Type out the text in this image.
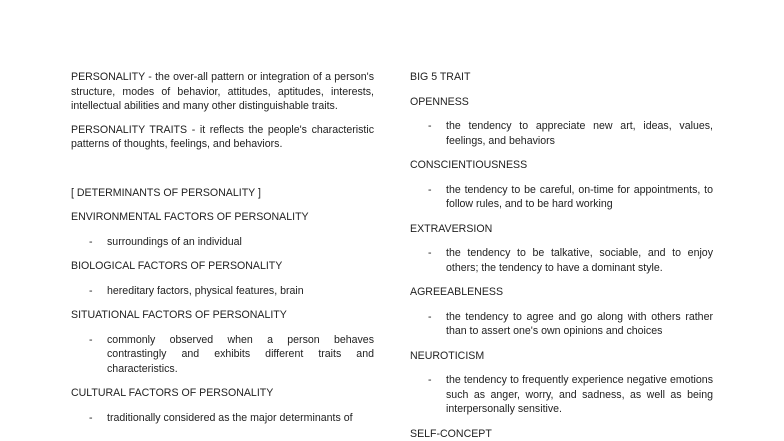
PERSONALITY - the over-all pattern or integration of a person's structure, modes of behavior, attitudes, aptitudes, interests, intellectual abilities and many other distinguishable traits.

PERSONALITY TRAITS - it reflects the people's characteristic patterns of thoughts, feelings, and behaviors.

[ DETERMINANTS OF PERSONALITY ]

ENVIRONMENTAL FACTORS OF PERSONALITY

-	surroundings of an individual

BIOLOGICAL FACTORS OF PERSONALITY

-	hereditary factors, physical features, brain

SITUATIONAL FACTORS OF PERSONALITY

-	commonly observed when a person behaves contrastingly and exhibits different traits and characteristics.

CULTURAL FACTORS OF PERSONALITY

-	traditionally considered as the major determinants of

BIG 5 TRAIT

OPENNESS

-	the tendency to appreciate new art, ideas, values, feelings, and behaviors

CONSCIENTIOUSNESS

-	the tendency to be careful, on-time for appointments, to follow rules, and to be hard working

EXTRAVERSION

-	the tendency to be talkative, sociable, and to enjoy others; the tendency to have a dominant style.

AGREEABLENESS

-	the tendency to agree and go along with others rather than to assert one's own opinions and choices

NEUROTICISM

-	the tendency to frequently experience negative emotions such as anger, worry, and sadness, as well as being interpersonally sensitive.

SELF-CONCEPT
